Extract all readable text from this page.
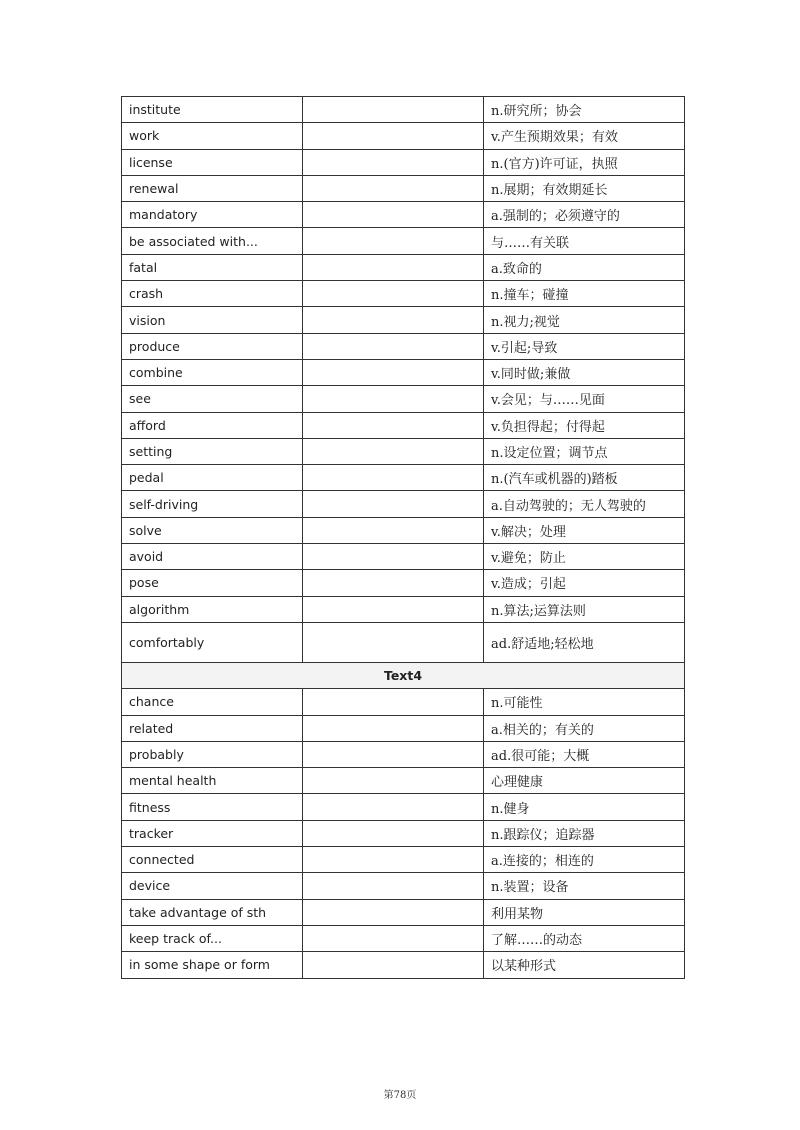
institute		n.研究所；协会
work		v.产生预期效果；有效
license		n.(官方)许可证，执照
renewal		n.展期；有效期延长
mandatory		a.强制的；必须遵守的
be associated with...		与……有关联
fatal		a.致命的
crash		n.撞车；碰撞
vision		n.视力;视觉
produce		v.引起;导致
combine		v.同时做;兼做
see		v.会见；与……见面
afford		v.负担得起；付得起
setting		n.设定位置；调节点
pedal		n.(汽车或机器的)踏板
self-driving		a.自动驾驶的；无人驾驶的
solve		v.解决；处理
avoid		v.避免；防止
pose		v.造成；引起
algorithm		n.算法;运算法则
comfortably		ad.舒适地;轻松地
Text4		
chance		n.可能性
related		a.相关的；有关的
probably		ad.很可能；大概
mental health		心理健康
fitness		n.健身
tracker		n.跟踪仪；追踪器
connected		a.连接的；相连的
device		n.装置；设备
take advantage of sth		利用某物
keep track of...		了解……的动态
in some shape or form		以某种形式
第78页
